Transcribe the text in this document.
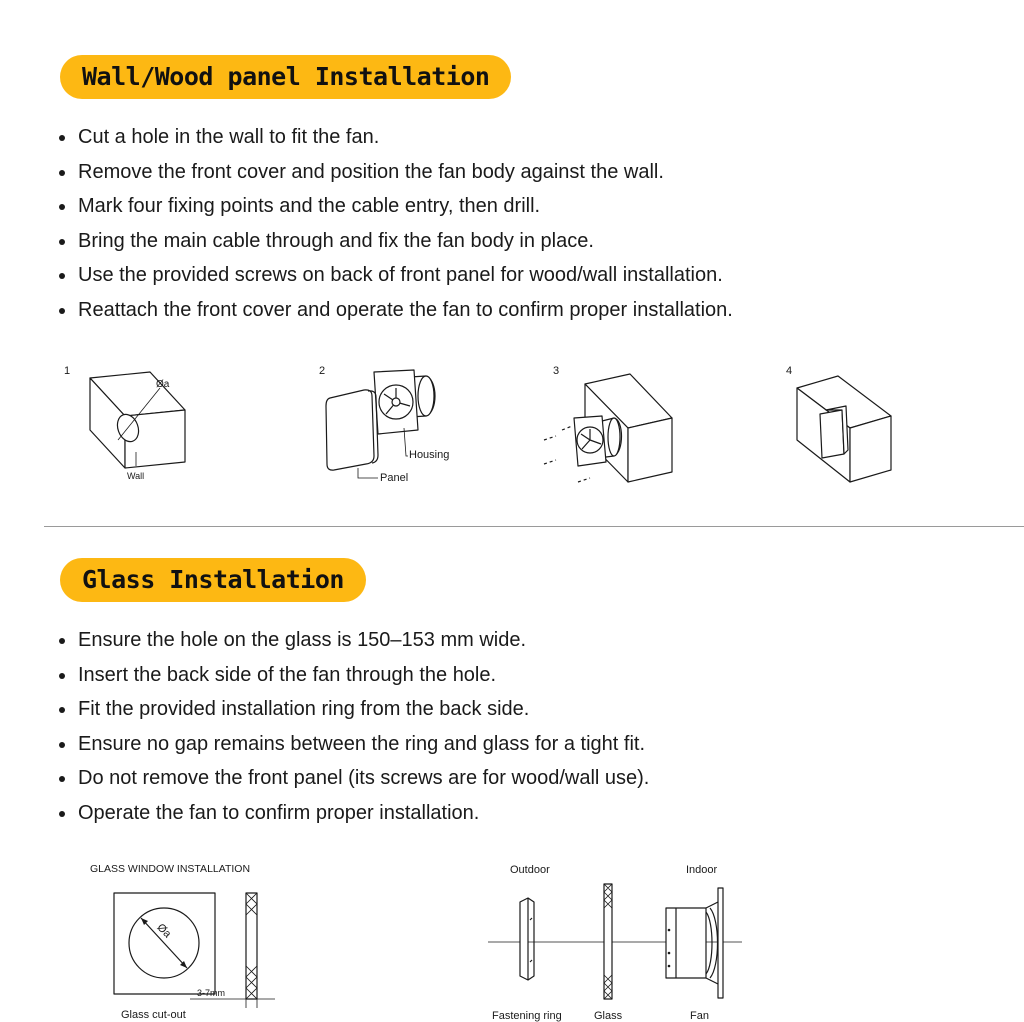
Wall/Wood panel Installation
Cut a hole in the wall to fit the fan.
Remove the front cover and position the fan body against the wall.
Mark four fixing points and the cable entry, then drill.
Bring the main cable through and fix the fan body in place.
Use the provided screws on back of front panel for wood/wall installation.
Reattach the front cover and operate the fan to confirm proper installation.
1
Øa
Wall
2
Housing
Panel
3	4
Glass Installation
Ensure the hole on the glass is 150–153 mm wide.
Insert the back side of the fan through the hole.
Fit the provided installation ring from the back side.
Ensure no gap remains between the ring and glass for a tight fit.
Do not remove the front panel (its screws are for wood/wall use).
Operate the fan to confirm proper installation.
GLASS WINDOW INSTALLATION
Øa
3-7mm
Glass cut-out
Outdoor	Indoor
Fastening ring	Glass	Fan
